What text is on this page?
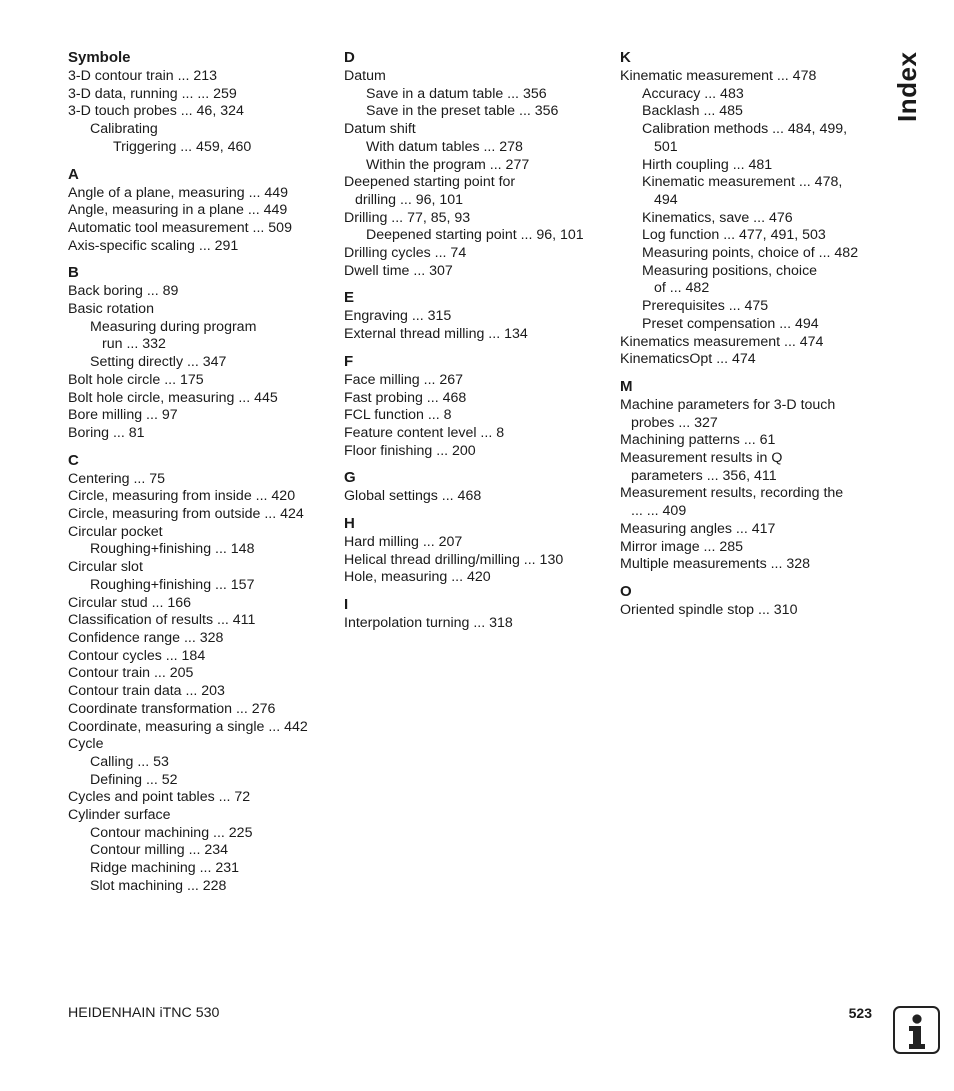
Symbole
3-D contour train ... 213
3-D data, running ... ... 259
3-D touch probes ... 46, 324
Calibrating
Triggering ... 459, 460
A
Angle of a plane, measuring ... 449
Angle, measuring in a plane ... 449
Automatic tool measurement ... 509
Axis-specific scaling ... 291
B
Back boring ... 89
Basic rotation
Measuring during program
run ... 332
Setting directly ... 347
Bolt hole circle ... 175
Bolt hole circle, measuring ... 445
Bore milling ... 97
Boring ... 81
C
Centering ... 75
Circle, measuring from inside ... 420
Circle, measuring from outside ... 424
Circular pocket
Roughing+finishing ... 148
Circular slot
Roughing+finishing ... 157
Circular stud ... 166
Classification of results ... 411
Confidence range ... 328
Contour cycles ... 184
Contour train ... 205
Contour train data ... 203
Coordinate transformation ... 276
Coordinate, measuring a single ... 442
Cycle
Calling ... 53
Defining ... 52
Cycles and point tables ... 72
Cylinder surface
Contour machining ... 225
Contour milling ... 234
Ridge machining ... 231
Slot machining ... 228
D
Datum
Save in a datum table ... 356
Save in the preset table ... 356
Datum shift
With datum tables ... 278
Within the program ... 277
Deepened starting point for
drilling ... 96, 101
Drilling ... 77, 85, 93
Deepened starting point ... 96, 101
Drilling cycles ... 74
Dwell time ... 307
E
Engraving ... 315
External thread milling ... 134
F
Face milling ... 267
Fast probing ... 468
FCL function ... 8
Feature content level ... 8
Floor finishing ... 200
G
Global settings ... 468
H
Hard milling ... 207
Helical thread drilling/milling ... 130
Hole, measuring ... 420
I
Interpolation turning ... 318
K
Kinematic measurement ... 478
Accuracy ... 483
Backlash ... 485
Calibration methods ... 484, 499,
501
Hirth coupling ... 481
Kinematic measurement ... 478,
494
Kinematics, save ... 476
Log function ... 477, 491, 503
Measuring points, choice of ... 482
Measuring positions, choice
of ... 482
Prerequisites ... 475
Preset compensation ... 494
Kinematics measurement ... 474
KinematicsOpt ... 474
M
Machine parameters for 3-D touch
probes ... 327
Machining patterns ... 61
Measurement results in Q
parameters ... 356, 411
Measurement results, recording the
... ... 409
Measuring angles ... 417
Mirror image ... 285
Multiple measurements ... 328
O
Oriented spindle stop ... 310
Index
HEIDENHAIN iTNC 530	523
